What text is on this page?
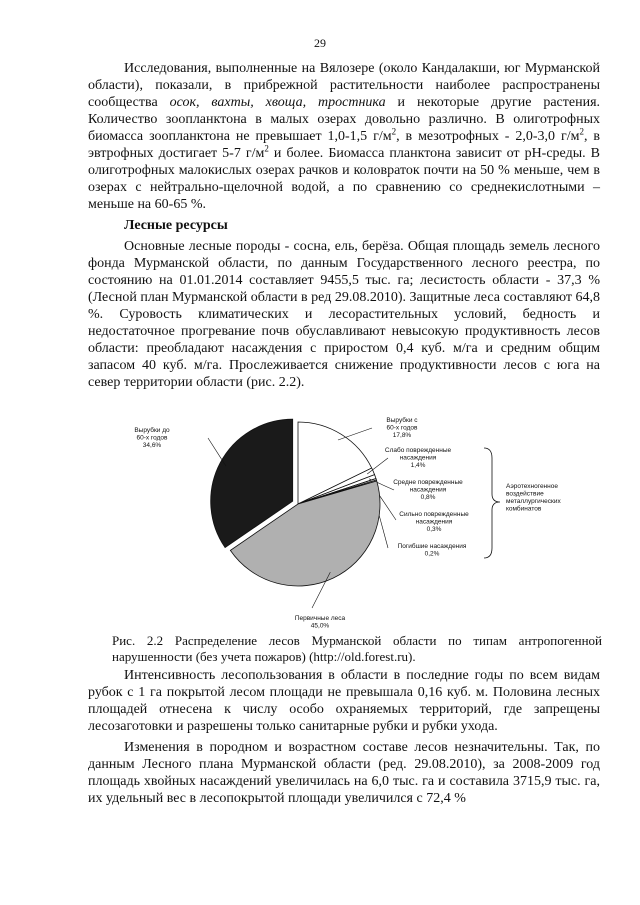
29

Исследования, выполненные на Вялозере (около Кандалакши, юг Мурманской области), показали, в прибрежной растительности наиболее распространены сообщества осок, вахты, хвоща, тростника и некоторые другие растения. Количество зоопланктона в малых озерах довольно различно. В олиготрофных биомасса зоопланктона не превышает 1,0-1,5 $г/м^2$, в мезотрофных - 2,0-3,0 $г/м^2$, в эвтрофных достигает 5-7 $г/м^2$ и более. Биомасса планктона зависит от рН-среды. В олиготрофных малокислых озерах рачков и коловраток почти на 50 % меньше, чем в озерах с нейтрально-щелочной водой, а по сравнению со среднекислотными – меньше на 60-65 %.

Лесные ресурсы

Основные лесные породы - сосна, ель, берёза. Общая площадь земель лесного фонда Мурманской области, по данным Государственного лесного реестра, по состоянию на 01.01.2014 составляет 9455,5 тыс. га; лесистость области - 37,3 % (Лесной план Мурманской области в ред 29.08.2010). Защитные леса составляют 64,8 %. Суровость климатических и лесорастительных условий, бедность и недостаточное прогревание почв обуславливают невысокую продуктивность лесов области: преобладают насаждения с приростом 0,4 куб. м/га и средним общим запасом 40 куб. м/га. Прослеживается снижение продуктивности лесов с юга на север территории области (рис. 2.2).

Вырубки с 60-х годов 17,8%
Слабо поврежденные насаждения 1,4%
Средне поврежденные насаждения 0,8%
Сильно поврежденные насаждения 0,3%
Погибшие насаждения 0,2%
Первичные леса 45,0%
Вырубки до 60-х годов 34,6%
Аэротехногенное воздействие металлургических комбинатов
Рис. 2.2 Распределение лесов Мурманской области по типам антропогенной нарушенности (без учета пожаров) (http://old.forest.ru).

Интенсивность лесопользования в области в последние годы по всем видам рубок с 1 га покрытой лесом площади не превышала 0,16 куб. м. Половина лесных площадей отнесена к числу особо охраняемых территорий, где запрещены лесозаготовки и разрешены только санитарные рубки и рубки ухода.

Изменения в породном и возрастном составе лесов незначительны. Так, по данным Лесного плана Мурманской области (ред. 29.08.2010), за 2008-2009 год площадь хвойных насаждений увеличилась на 6,0 тыс. га и составила 3715,9 тыс. га, их удельный вес в лесопокрытой площади увеличился с 72,4 %
